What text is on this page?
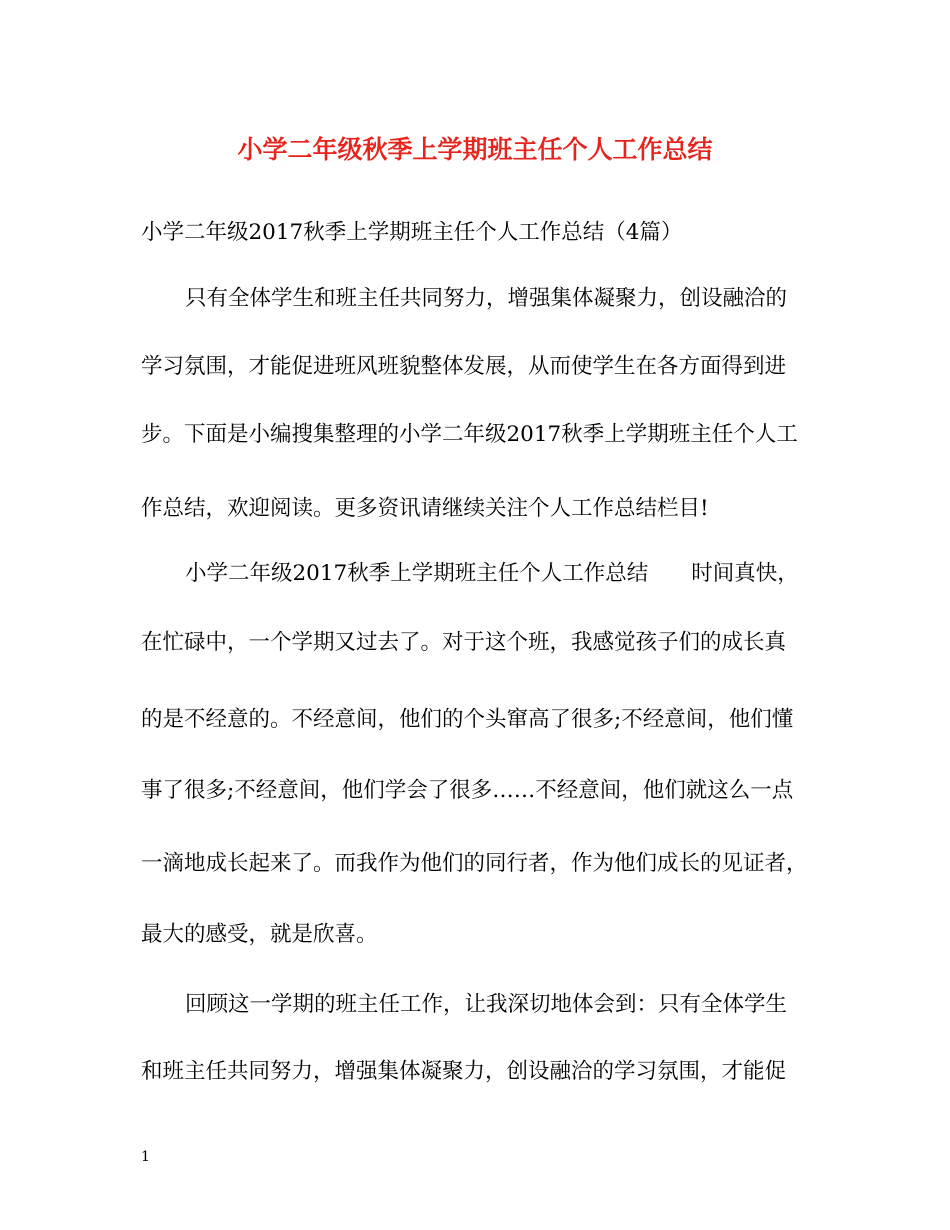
小学二年级秋季上学期班主任个人工作总结
小学二年级2017秋季上学期班主任个人工作总结（4篇）
只有全体学生和班主任共同努力，增强集体凝聚力，创设融洽的
学习氛围，才能促进班风班貌整体发展，从而使学生在各方面得到进
步。下面是小编搜集整理的小学二年级2017秋季上学期班主任个人工
作总结，欢迎阅读。更多资讯请继续关注个人工作总结栏目!
小学二年级2017秋季上学期班主任个人工作总结　　时间真快，
在忙碌中，一个学期又过去了。对于这个班，我感觉孩子们的成长真
的是不经意的。不经意间，他们的个头窜高了很多;不经意间，他们懂
事了很多;不经意间，他们学会了很多……不经意间，他们就这么一点
一滴地成长起来了。而我作为他们的同行者，作为他们成长的见证者，
最大的感受，就是欣喜。
回顾这一学期的班主任工作，让我深切地体会到：只有全体学生
和班主任共同努力，增强集体凝聚力，创设融洽的学习氛围，才能促
1
